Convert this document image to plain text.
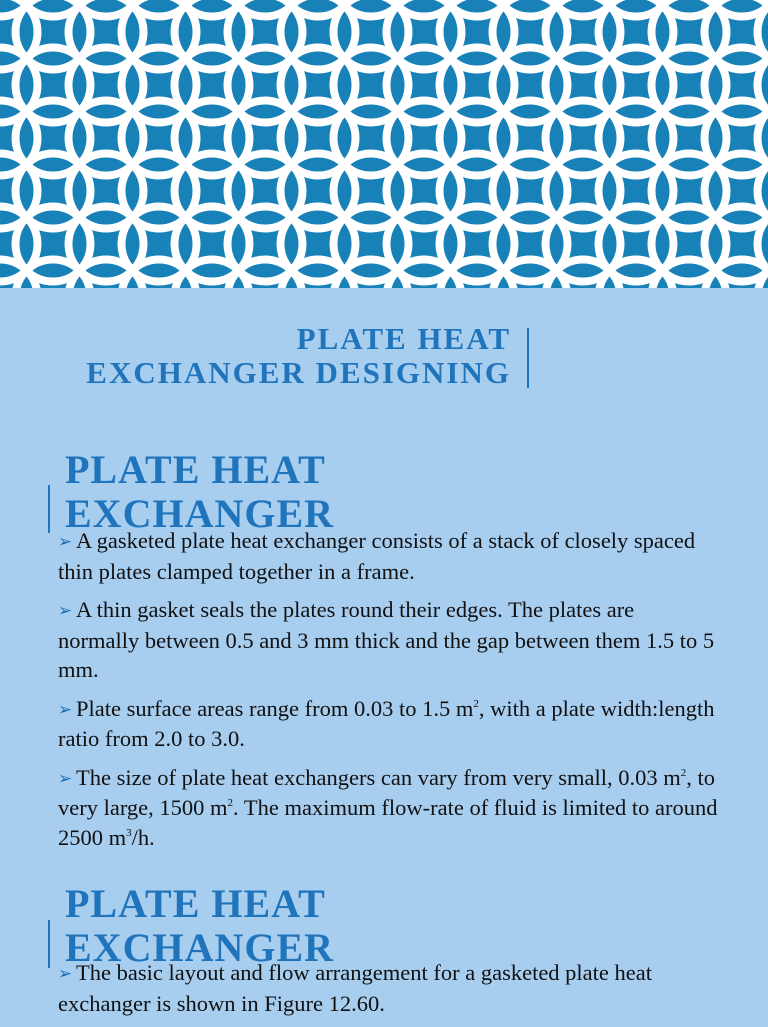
PLATE HEAT
EXCHANGER DESIGNING
PLATE HEAT
EXCHANGER
➢ A gasketed plate heat exchanger consists of a stack of closely spaced thin plates clamped together in a frame.
➢ A thin gasket seals the plates round their edges. The plates are normally between 0.5 and 3 mm thick and the gap between them 1.5 to 5 mm.
➢ Plate surface areas range from 0.03 to 1.5 $m^2$, with a plate width:length ratio from 2.0 to 3.0.
➢ The size of plate heat exchangers can vary from very small, 0.03 $m^2$, to very large, 1500 $m^2$. The maximum flow-rate of fluid is limited to around 2500 $m^3/h$.
PLATE HEAT
EXCHANGER
➢ The basic layout and flow arrangement for a gasketed plate heat exchanger is shown in Figure 12.60.
